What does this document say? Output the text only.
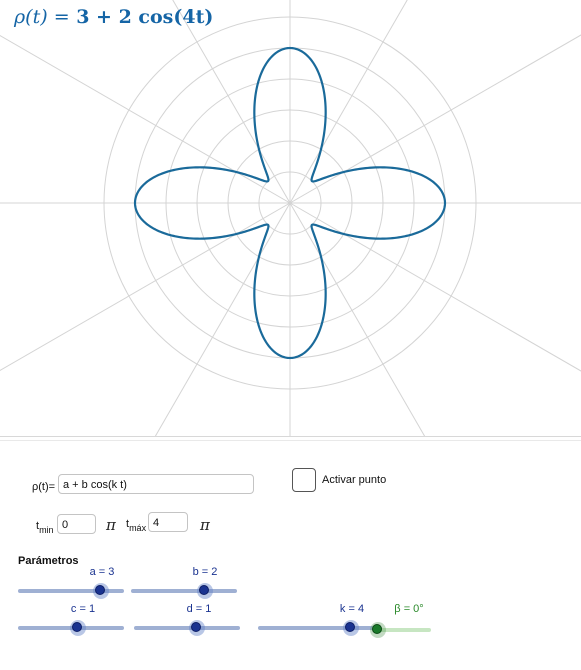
ρ(t) = 3 + 2 cos(4t)
ρ(t)= a + b cos(k t)	Activar punto
$t_{min}$ 0	π $t_{máx}$ 4	π
Parámetros
a = 3	b = 2
c = 1	d = 1	k = 4	β = 0°
